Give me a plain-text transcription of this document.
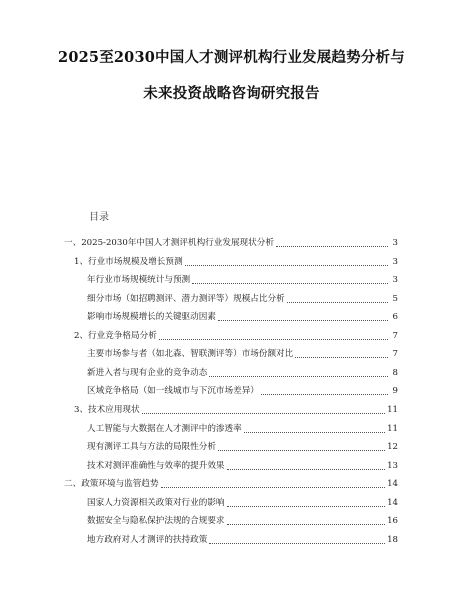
2025至2030中国人才测评机构行业发展趋势分析与
未来投资战略咨询研究报告
目录
一、2025-2030年中国人才测评机构行业发展现状分析	3
1、行业市场规模及增长预测	3
年行业市场规模统计与预测	3
细分市场（如招聘测评、潜力测评等）规模占比分析	5
影响市场规模增长的关键驱动因素	6
2、行业竞争格局分析	7
主要市场参与者（如北森、智联测评等）市场份额对比	7
新进入者与现有企业的竞争动态	8
区域竞争格局（如一线城市与下沉市场差异）	9
3、技术应用现状	11
人工智能与大数据在人才测评中的渗透率	11
现有测评工具与方法的局限性分析	12
技术对测评准确性与效率的提升效果	13
二、政策环境与监管趋势	14
国家人力资源相关政策对行业的影响	14
数据安全与隐私保护法规的合规要求	16
地方政府对人才测评的扶持政策	18
